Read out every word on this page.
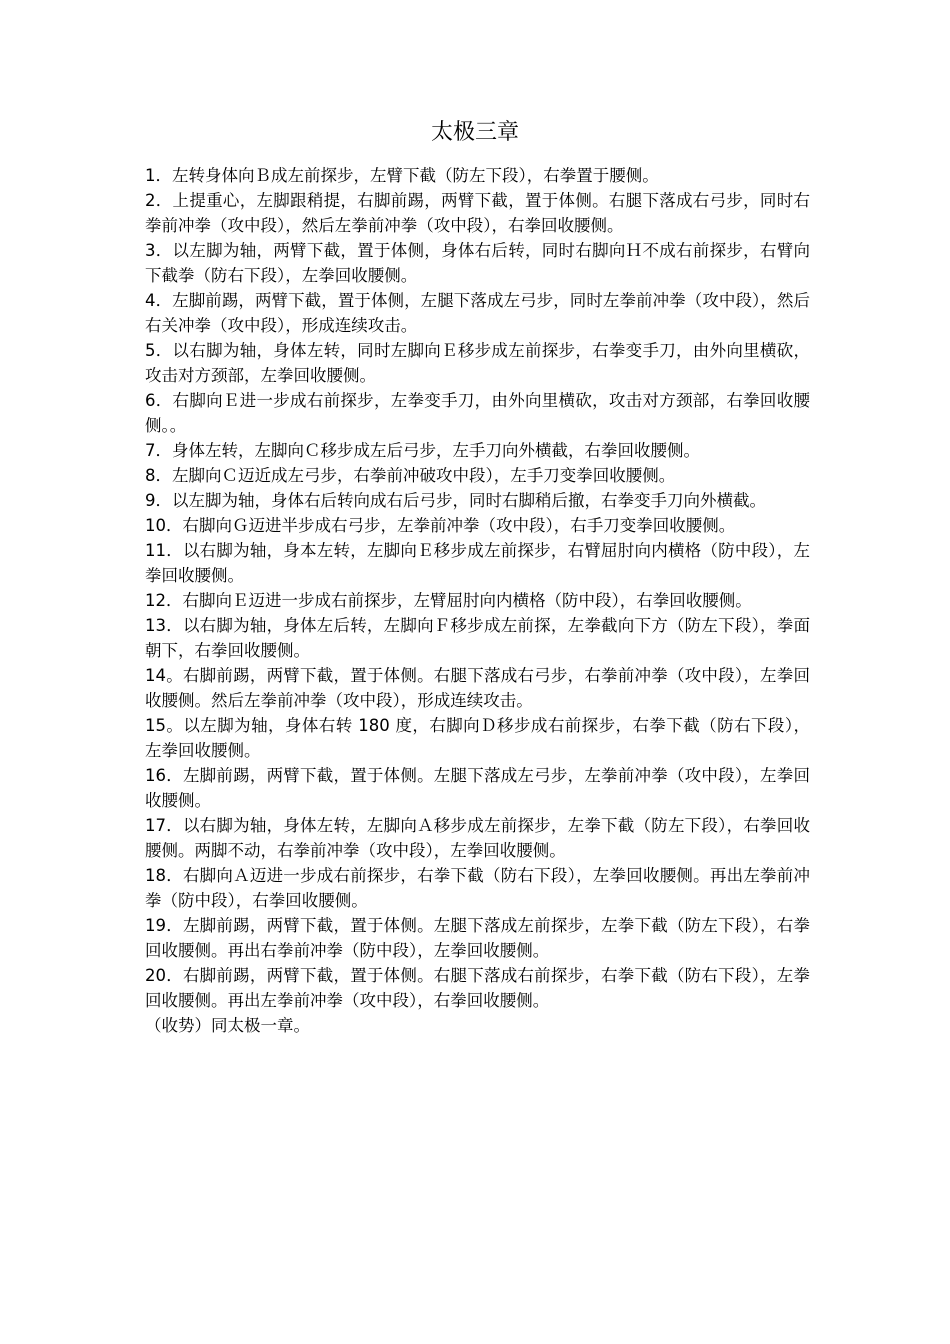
太极三章

1．左转身体向Ｂ成左前探步，左臂下截（防左下段），右拳置于腰侧。

2．上提重心，左脚跟稍提，右脚前踢，两臂下截，置于体侧。右腿下落成右弓步，同时右拳前冲拳（攻中段），然后左拳前冲拳（攻中段），右拳回收腰侧。

3．以左脚为轴，两臂下截，置于体侧，身体右后转，同时右脚向Ｈ不成右前探步，右臂向下截拳（防右下段），左拳回收腰侧。

4．左脚前踢，两臂下截，置于体侧，左腿下落成左弓步，同时左拳前冲拳（攻中段），然后右关冲拳（攻中段），形成连续攻击。

5．以右脚为轴，身体左转，同时左脚向Ｅ移步成左前探步，右拳变手刀，由外向里横砍，攻击对方颈部，左拳回收腰侧。

6．右脚向Ｅ进一步成右前探步，左拳变手刀，由外向里横砍，攻击对方颈部，右拳回收腰侧。。

7．身体左转，左脚向Ｃ移步成左后弓步，左手刀向外横截，右拳回收腰侧。

8．左脚向Ｃ迈近成左弓步，右拳前冲破攻中段），左手刀变拳回收腰侧。

9．以左脚为轴，身体右后转向成右后弓步，同时右脚稍后撤，右拳变手刀向外横截。

10．右脚向Ｇ迈进半步成右弓步，左拳前冲拳（攻中段），右手刀变拳回收腰侧。

11．以右脚为轴，身本左转，左脚向Ｅ移步成左前探步，右臂屈肘向内横格（防中段），左拳回收腰侧。

12．右脚向Ｅ迈进一步成右前探步，左臂屈肘向内横格（防中段），右拳回收腰侧。

13．以右脚为轴，身体左后转，左脚向Ｆ移步成左前探，左拳截向下方（防左下段），拳面朝下，右拳回收腰侧。

14。右脚前踢，两臂下截，置于体侧。右腿下落成右弓步，右拳前冲拳（攻中段），左拳回收腰侧。然后左拳前冲拳（攻中段），形成连续攻击。

15。以左脚为轴，身体右转 180 度，右脚向Ｄ移步成右前探步，右拳下截（防右下段），左拳回收腰侧。

16．左脚前踢，两臂下截，置于体侧。左腿下落成左弓步，左拳前冲拳（攻中段），左拳回收腰侧。

17．以右脚为轴，身体左转，左脚向Ａ移步成左前探步，左拳下截（防左下段），右拳回收腰侧。两脚不动，右拳前冲拳（攻中段），左拳回收腰侧。

18．右脚向Ａ迈进一步成右前探步，右拳下截（防右下段），左拳回收腰侧。再出左拳前冲拳（防中段），右拳回收腰侧。

19．左脚前踢，两臂下截，置于体侧。左腿下落成左前探步，左拳下截（防左下段），右拳回收腰侧。再出右拳前冲拳（防中段），左拳回收腰侧。

20．右脚前踢，两臂下截，置于体侧。右腿下落成右前探步，右拳下截（防右下段），左拳回收腰侧。再出左拳前冲拳（攻中段），右拳回收腰侧。

（收势）同太极一章。
